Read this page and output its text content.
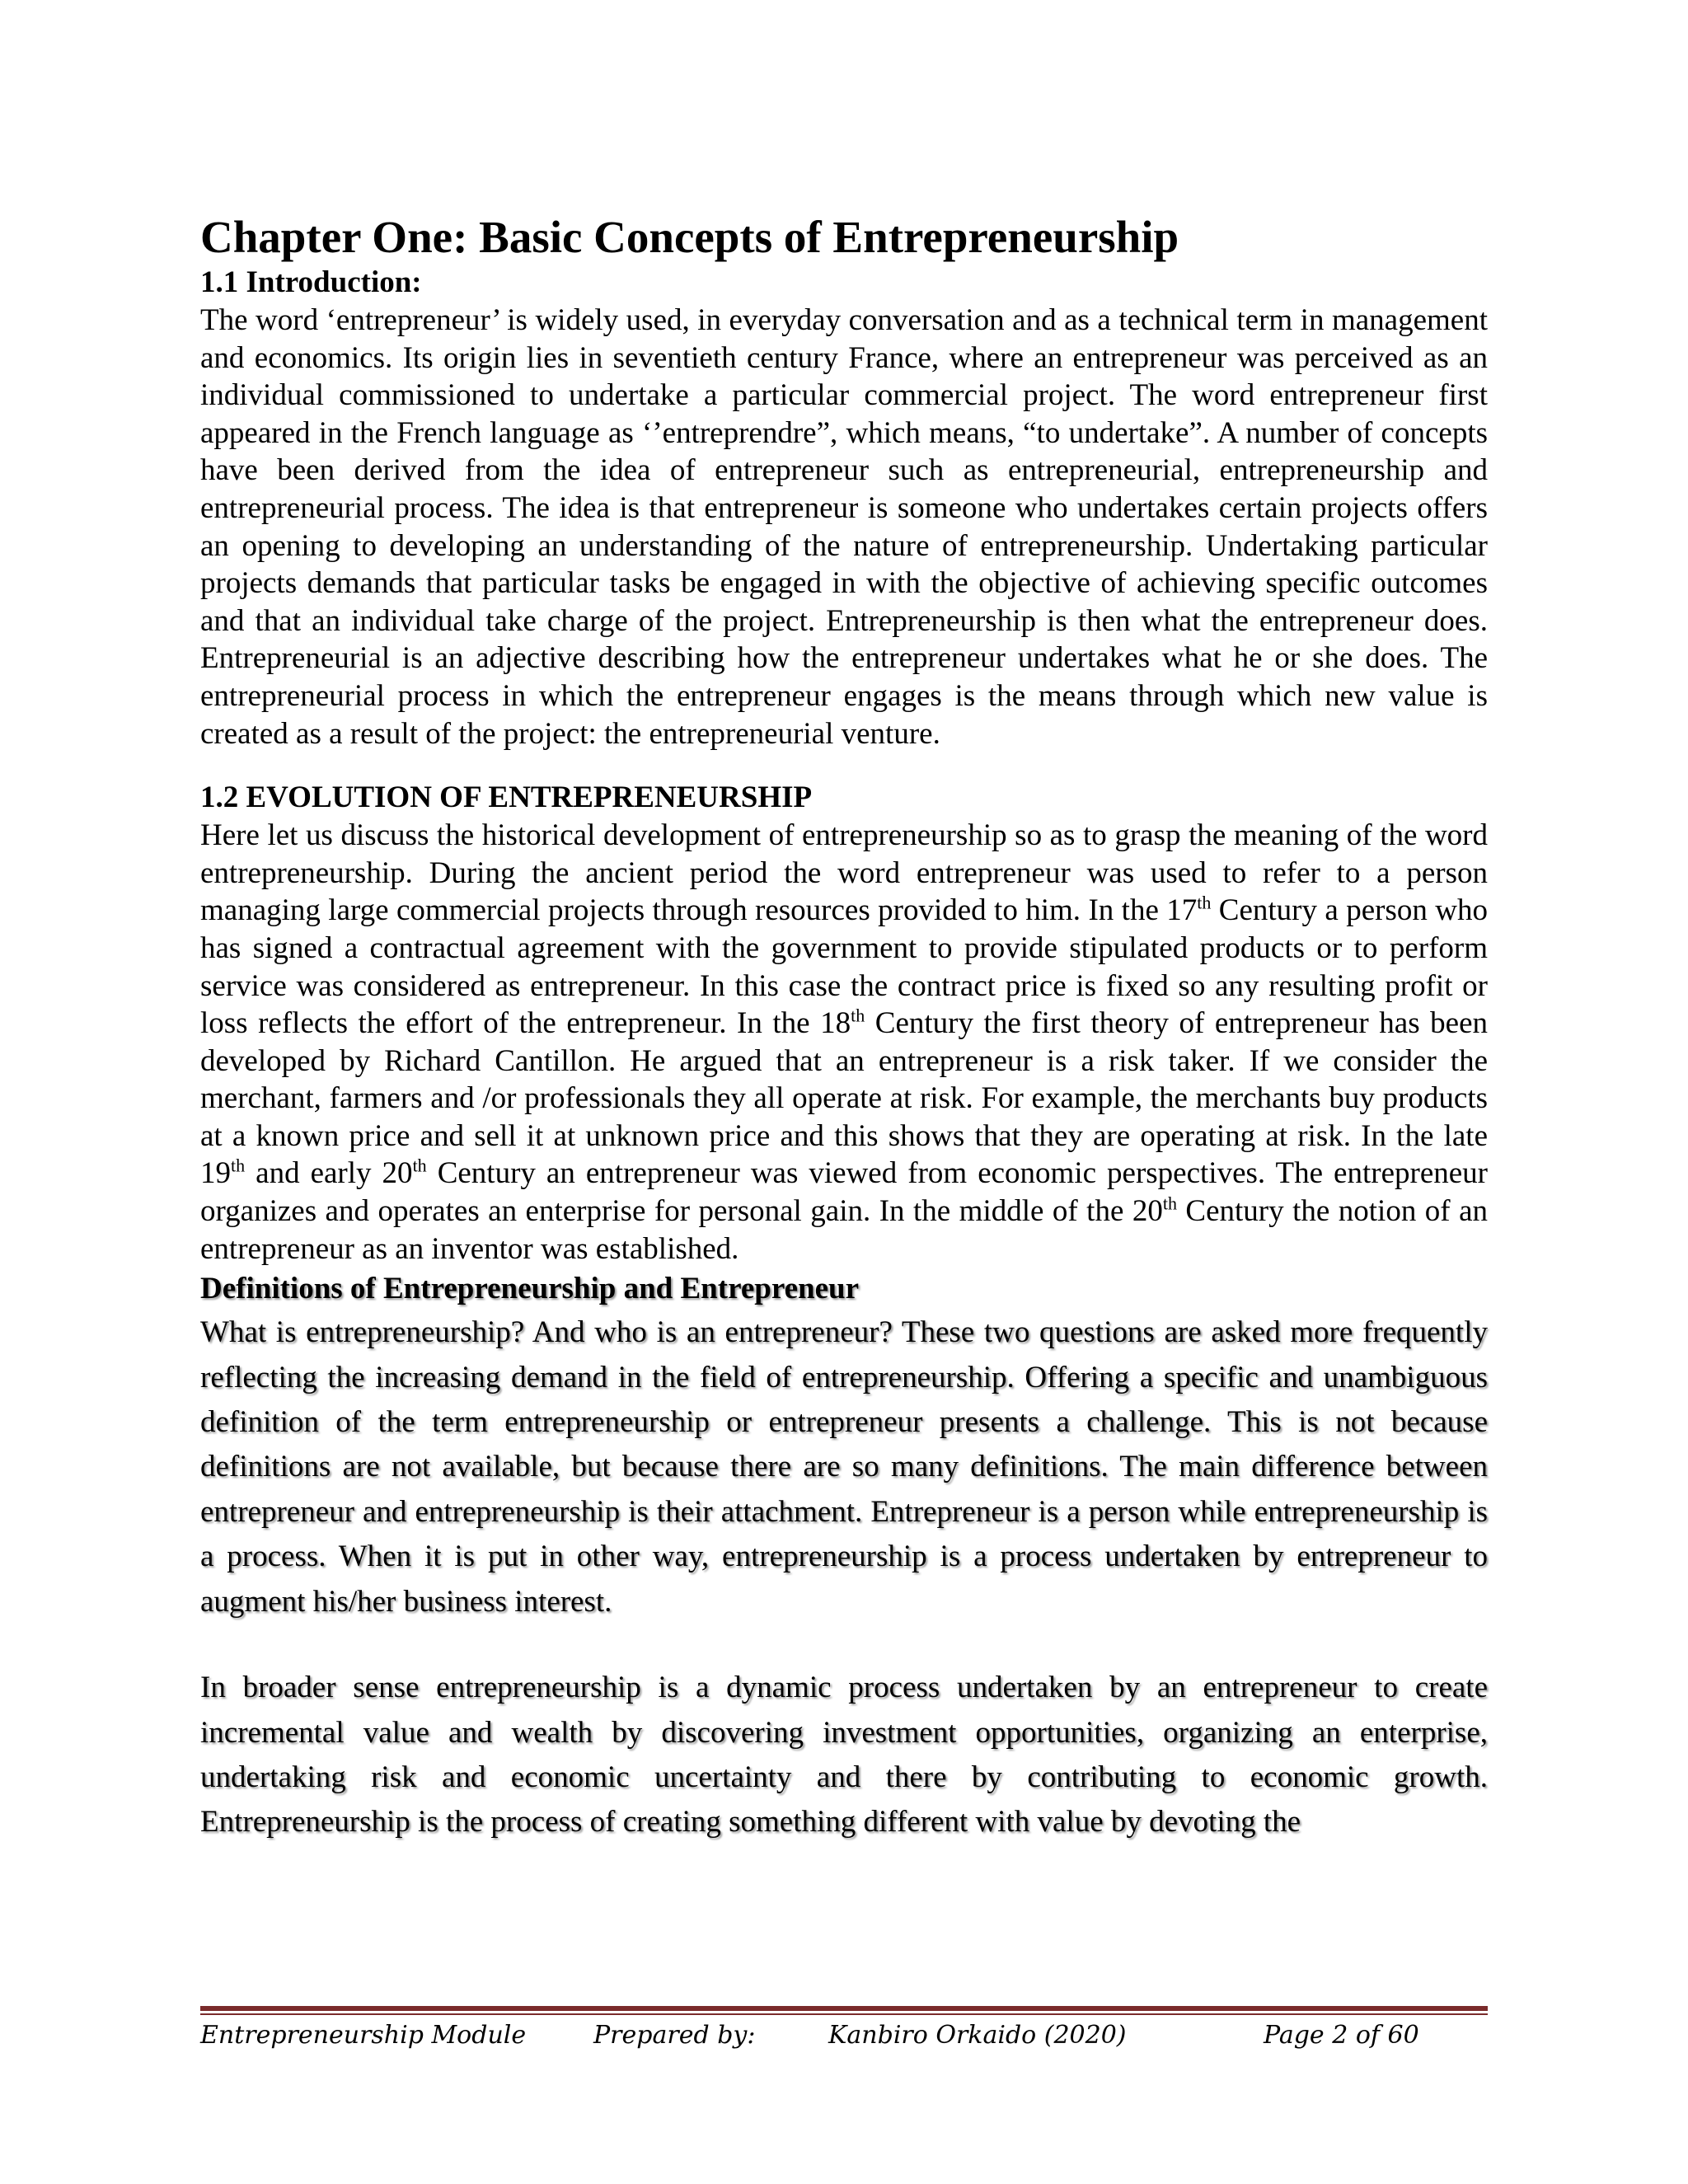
Chapter One: Basic Concepts of Entrepreneurship
1.1 Introduction:

The word ‘entrepreneur’ is widely used, in everyday conversation and as a technical term in management and economics. Its origin lies in seventieth century France, where an entrepreneur was perceived as an individual commissioned to undertake a particular commercial project. The word entrepreneur first appeared in the French language as ‘’entreprendre”, which means, “to undertake”. A number of concepts have been derived from the idea of entrepreneur such as entrepreneurial, entrepreneurship and entrepreneurial process. The idea is that entrepreneur is someone who undertakes certain projects offers an opening to developing an understanding of the nature of entrepreneurship. Undertaking particular projects demands that particular tasks be engaged in with the objective of achieving specific outcomes and that an individual take charge of the project. Entrepreneurship is then what the entrepreneur does. Entrepreneurial is an adjective describing how the entrepreneur undertakes what he or she does. The entrepreneurial process in which the entrepreneur engages is the means through which new value is created as a result of the project: the entrepreneurial venture.

1.2 EVOLUTION OF ENTREPRENEURSHIP

Here let us discuss the historical development of entrepreneurship so as to grasp the meaning of the word entrepreneurship. During the ancient period the word entrepreneur was used to refer to a person managing large commercial projects through resources provided to him. In the 17th Century a person who has signed a contractual agreement with the government to provide stipulated products or to perform service was considered as entrepreneur. In this case the contract price is fixed so any resulting profit or loss reflects the effort of the entrepreneur. In the 18th Century the first theory of entrepreneur has been developed by Richard Cantillon. He argued that an entrepreneur is a risk taker. If we consider the merchant, farmers and /or professionals they all operate at risk. For example, the merchants buy products at a known price and sell it at unknown price and this shows that they are operating at risk. In the late 19th and early 20th Century an entrepreneur was viewed from economic perspectives. The entrepreneur organizes and operates an enterprise for personal gain. In the middle of the 20th Century the notion of an entrepreneur as an inventor was established.

Definitions of Entrepreneurship and Entrepreneur

What is entrepreneurship? And who is an entrepreneur? These two questions are asked more frequently reflecting the increasing demand in the field of entrepreneurship. Offering a specific and unambiguous definition of the term entrepreneurship or entrepreneur presents a challenge. This is not because definitions are not available, but because there are so many definitions. The main difference between entrepreneur and entrepreneurship is their attachment. Entrepreneur is a person while entrepreneurship is a process. When it is put in other way, entrepreneurship is a process undertaken by entrepreneur to augment his/her business interest.

In broader sense entrepreneurship is a dynamic process undertaken by an entrepreneur to create incremental value and wealth by discovering investment opportunities, organizing an enterprise, undertaking risk and economic uncertainty and there by contributing to economic growth. Entrepreneurship is the process of creating something different with value by devoting the

Entrepreneurship Module	Prepared by:	Kanbiro Orkaido (2020)	Page 2 of 60
